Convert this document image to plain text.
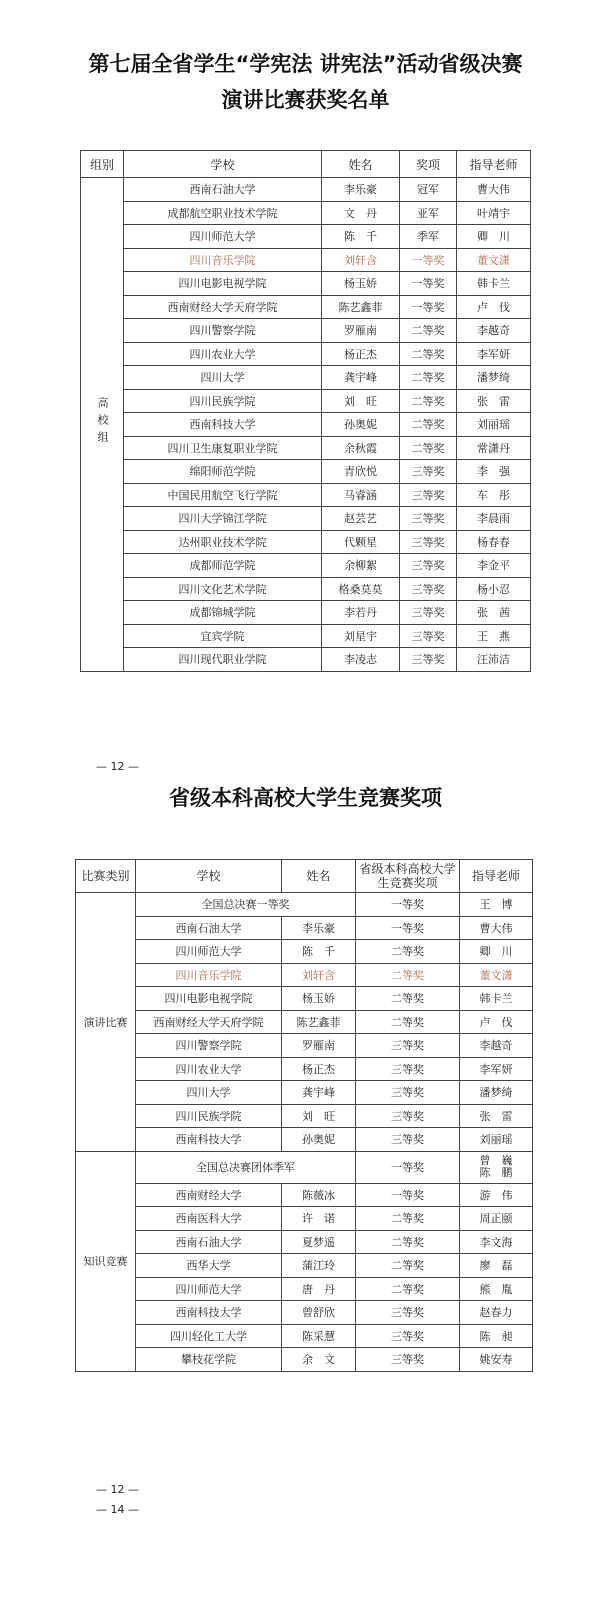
第七届全省学生“学宪法 讲宪法”活动省级决赛
演讲比赛获奖名单
组别	学校	姓名	奖项	指导老师
高校组	西南石油大学	李乐豪	冠军	曹大伟
	成都航空职业技术学院	文　丹	亚军	叶靖宇
	四川师范大学	陈　千	季军	卿　川
	四川音乐学院	刘轩含	一等奖	董文潇
	四川电影电视学院	杨玉娇	一等奖	韩卡兰
	西南财经大学天府学院	陈艺鑫菲	一等奖	卢　伐
	四川警察学院	罗雁南	二等奖	李越奇
	四川农业大学	杨正杰	二等奖	李军妍
	四川大学	龚宇峰	二等奖	潘梦绮
	四川民族学院	刘　旺	二等奖	张　雷
	西南科技大学	孙奥妮	二等奖	刘丽瑶
	四川卫生康复职业学院	余秋霞	二等奖	常潇丹
	绵阳师范学院	青欣悦	三等奖	李　强
	中国民用航空飞行学院	马睿涵	三等奖	车　彤
	四川大学锦江学院	赵芸艺	三等奖	李晨雨
	达州职业技术学院	代颗星	三等奖	杨春春
	成都师范学院	余柳絮	三等奖	李金平
	四川文化艺术学院	格桑莫莫	三等奖	杨小忍
	成都锦城学院	李若丹	三等奖	张　茜
	宜宾学院	刘星宇	三等奖	王　燕
	四川现代职业学院	李凌志	三等奖	汪沛洁
— 12 —
省级本科高校大学生竞赛奖项
比赛类别	学校	姓名	省级本科高校大学生竞赛奖项	指导老师
演讲比赛	全国总决赛一等奖		一等奖	王　博
	西南石油大学	李乐豪	一等奖	曹大伟
	四川师范大学	陈　千	二等奖	卿　川
	四川音乐学院	刘轩含	二等奖	董文潇
	四川电影电视学院	杨玉娇	二等奖	韩卡兰
	西南财经大学天府学院	陈艺鑫菲	二等奖	卢　伐
	四川警察学院	罗雁南	三等奖	李越奇
	四川农业大学	杨正杰	三等奖	李军妍
	四川大学	龚宇峰	三等奖	潘梦绮
	四川民族学院	刘　旺	三等奖	张　雷
	西南科技大学	孙奥妮	三等奖	刘丽瑶
知识竞赛	全国总决赛团体季军		一等奖	曾　巍
陈　鹏
	西南财经大学	陈薇冰	一等奖	游　伟
	西南医科大学	许　诺	二等奖	周正颐
	西南石油大学	夏梦遥	二等奖	李文海
	西华大学	蒲江玲	二等奖	廖　磊
	四川师范大学	唐　丹	二等奖	熊　胤
	西南科技大学	曾舒欣	三等奖	赵春力
	四川轻化工大学	陈采慧	三等奖	陈　昶
	攀枝花学院	余　文	三等奖	姚安寿
— 12 —
— 14 —
